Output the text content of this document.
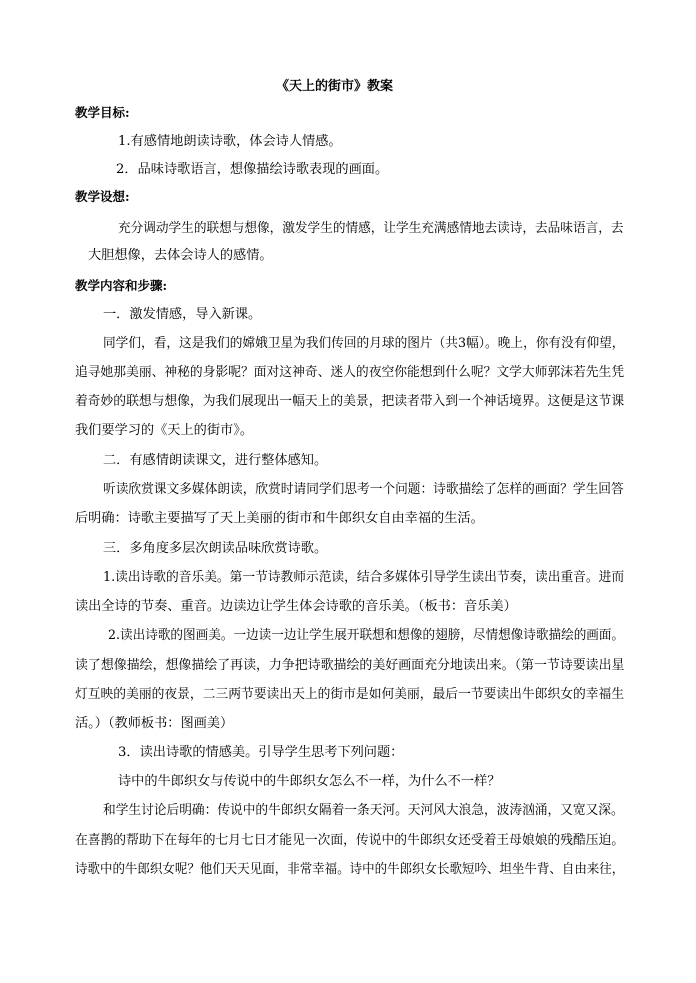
《天上的街市》教案
教学目标:
1.有感情地朗读诗歌，体会诗人情感。
2．品味诗歌语言，想像描绘诗歌表现的画面。
教学设想:
充分调动学生的联想与想像，激发学生的情感，让学生充满感情地去读诗，去品味语言，去
大胆想像，去体会诗人的感情。
教学内容和步骤:
一．激发情感，导入新课。
同学们，看，这是我们的嫦娥卫星为我们传回的月球的图片（共3幅）。晚上，你有没有仰望，
追寻她那美丽、神秘的身影呢？面对这神奇、迷人的夜空你能想到什么呢？文学大师郭沫若先生凭
着奇妙的联想与想像，为我们展现出一幅天上的美景，把读者带入到一个神话境界。这便是这节课
我们要学习的《天上的街市》。
二．有感情朗读课文，进行整体感知。
听读欣赏课文多媒体朗读，欣赏时请同学们思考一个问题：诗歌描绘了怎样的画面？学生回答
后明确：诗歌主要描写了天上美丽的街市和牛郎织女自由幸福的生活。
三．多角度多层次朗读品味欣赏诗歌。
1.读出诗歌的音乐美。第一节诗教师示范读，结合多媒体引导学生读出节奏，读出重音。进而
读出全诗的节奏、重音。边读边让学生体会诗歌的音乐美。（板书：音乐美）
2.读出诗歌的图画美。一边读一边让学生展开联想和想像的翅膀，尽情想像诗歌描绘的画面。
读了想像描绘，想像描绘了再读，力争把诗歌描绘的美好画面充分地读出来。（第一节诗要读出星
灯互映的美丽的夜景，二三两节要读出天上的街市是如何美丽，最后一节要读出牛郎织女的幸福生
活。）（教师板书：图画美）
3．读出诗歌的情感美。引导学生思考下列问题：
诗中的牛郎织女与传说中的牛郎织女怎么不一样，为什么不一样？
和学生讨论后明确：传说中的牛郎织女隔着一条天河。天河风大浪急，波涛汹涌，又宽又深。
在喜鹊的帮助下在每年的七月七日才能见一次面，传说中的牛郎织女还受着王母娘娘的残酷压迫。
诗歌中的牛郎织女呢？他们天天见面，非常幸福。诗中的牛郎织女长歌短吟、坦坐牛背、自由来往，
